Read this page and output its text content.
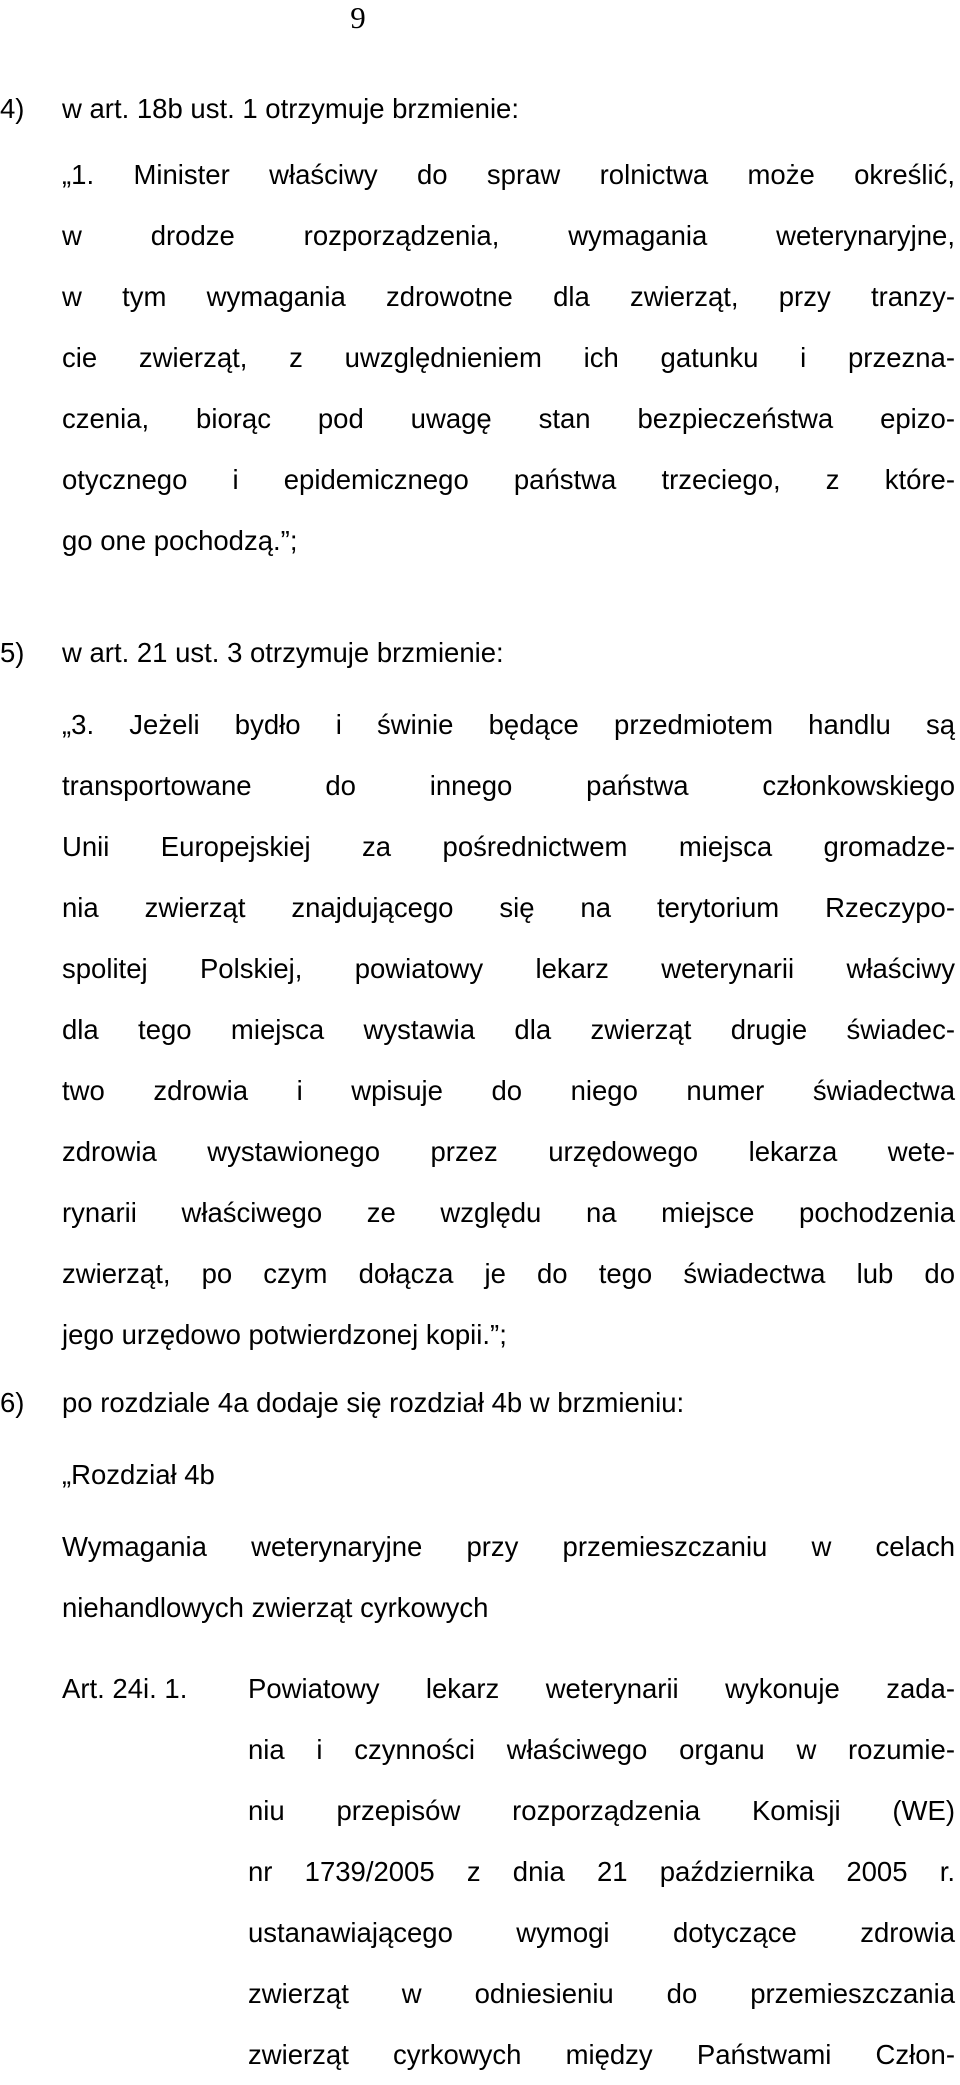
9
4) w art. 18b ust. 1 otrzymuje brzmienie:
„1. Minister właściwy do spraw rolnictwa może określić,
w drodze rozporządzenia, wymagania weterynaryjne,
w tym wymagania zdrowotne dla zwierząt, przy tranzy-
cie zwierząt, z uwzględnieniem ich gatunku i przezna-
czenia, biorąc pod uwagę stan bezpieczeństwa epizo-
otycznego i epidemicznego państwa trzeciego, z które-
go one pochodzą.”;
5) w art. 21 ust. 3 otrzymuje brzmienie:
„3. Jeżeli bydło i świnie będące przedmiotem handlu są
transportowane do innego państwa członkowskiego
Unii Europejskiej za pośrednictwem miejsca gromadze-
nia zwierząt znajdującego się na terytorium Rzeczypo-
spolitej Polskiej, powiatowy lekarz weterynarii właściwy
dla tego miejsca wystawia dla zwierząt drugie świadec-
two zdrowia i wpisuje do niego numer świadectwa
zdrowia wystawionego przez urzędowego lekarza wete-
rynarii właściwego ze względu na miejsce pochodzenia
zwierząt, po czym dołącza je do tego świadectwa lub do
jego urzędowo potwierdzonej kopii.”;
6) po rozdziale 4a dodaje się rozdział 4b w brzmieniu:
„Rozdział 4b
Wymagania weterynaryjne przy przemieszczaniu w celach
niehandlowych zwierząt cyrkowych
Art. 24i. 1. Powiatowy lekarz weterynarii wykonuje zada-
nia i czynności właściwego organu w rozumie-
niu przepisów rozporządzenia Komisji (WE)
nr 1739/2005 z dnia 21 października 2005 r.
ustanawiającego wymogi dotyczące zdrowia
zwierząt w odniesieniu do przemieszczania
zwierząt cyrkowych między Państwami Człon-
